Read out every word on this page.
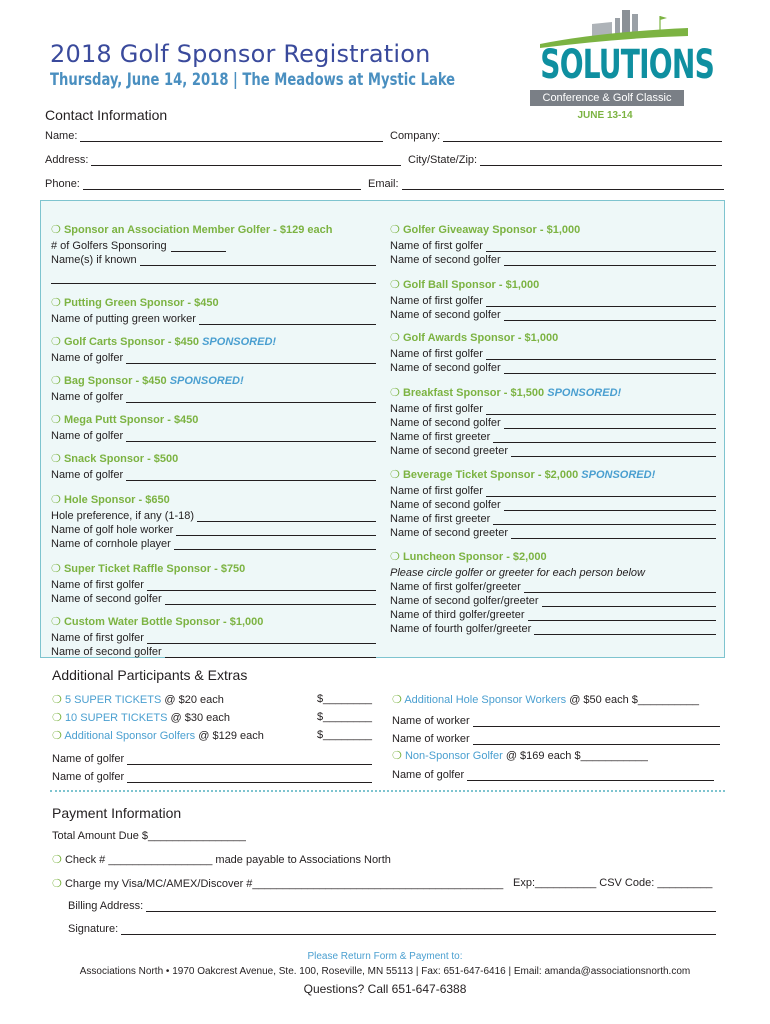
2018 Golf Sponsor Registration
Thursday, June 14, 2018 | The Meadows at Mystic Lake SOLUTIONS
Conference & Golf Classic
JUNE 13-14
Contact Information
Name:	Company:
Address:	City/State/Zip:
Phone:	Email:
❍ Sponsor an Association Member Golfer - $129 each
# of Golfers Sponsoring
Name(s) if known
❍ Putting Green Sponsor - $450
Name of putting green worker
❍ Golf Carts Sponsor - $450 SPONSORED!
Name of golfer
❍ Bag Sponsor - $450 SPONSORED!
Name of golfer
❍ Mega Putt Sponsor - $450
Name of golfer
❍ Snack Sponsor - $500
Name of golfer
❍ Hole Sponsor - $650
Hole preference, if any (1-18)
Name of golf hole worker
Name of cornhole player
❍ Super Ticket Raffle Sponsor - $750
Name of first golfer
Name of second golfer
❍ Custom Water Bottle Sponsor - $1,000
Name of first golfer
Name of second golfer
❍ Golfer Giveaway Sponsor - $1,000
Name of first golfer
Name of second golfer
❍ Golf Ball Sponsor - $1,000
Name of first golfer
Name of second golfer
❍ Golf Awards Sponsor - $1,000
Name of first golfer
Name of second golfer
❍ Breakfast Sponsor - $1,500 SPONSORED!
Name of first golfer
Name of second golfer
Name of first greeter
Name of second greeter
❍ Beverage Ticket Sponsor - $2,000 SPONSORED!
Name of first golfer
Name of second golfer
Name of first greeter
Name of second greeter
❍ Luncheon Sponsor - $2,000
Please circle golfer or greeter for each person below
Name of first golfer/greeter
Name of second golfer/greeter
Name of third golfer/greeter
Name of fourth golfer/greeter
Additional Participants & Extras
❍ 5 SUPER TICKETS @ $20 each	$________
❍ 10 SUPER TICKETS @ $30 each	$________
❍ Additional Sponsor Golfers @ $129 each	$________
Name of golfer
Name of golfer
❍ Additional Hole Sponsor Workers @ $50 each $__________
Name of worker
Name of worker
❍ Non-Sponsor Golfer @ $169 each $___________
Name of golfer
Payment Information
Total Amount Due $________________
❍ Check # _________________ made payable to Associations North
❍ Charge my Visa/MC/AMEX/Discover #_________________________________________ Exp:__________ CSV Code: _________
Billing Address:
Signature:
Please Return Form & Payment to:
Associations North • 1970 Oakcrest Avenue, Ste. 100, Roseville, MN 55113 | Fax: 651-647-6416 | Email: amanda@associationsnorth.com
Questions? Call 651-647-6388
